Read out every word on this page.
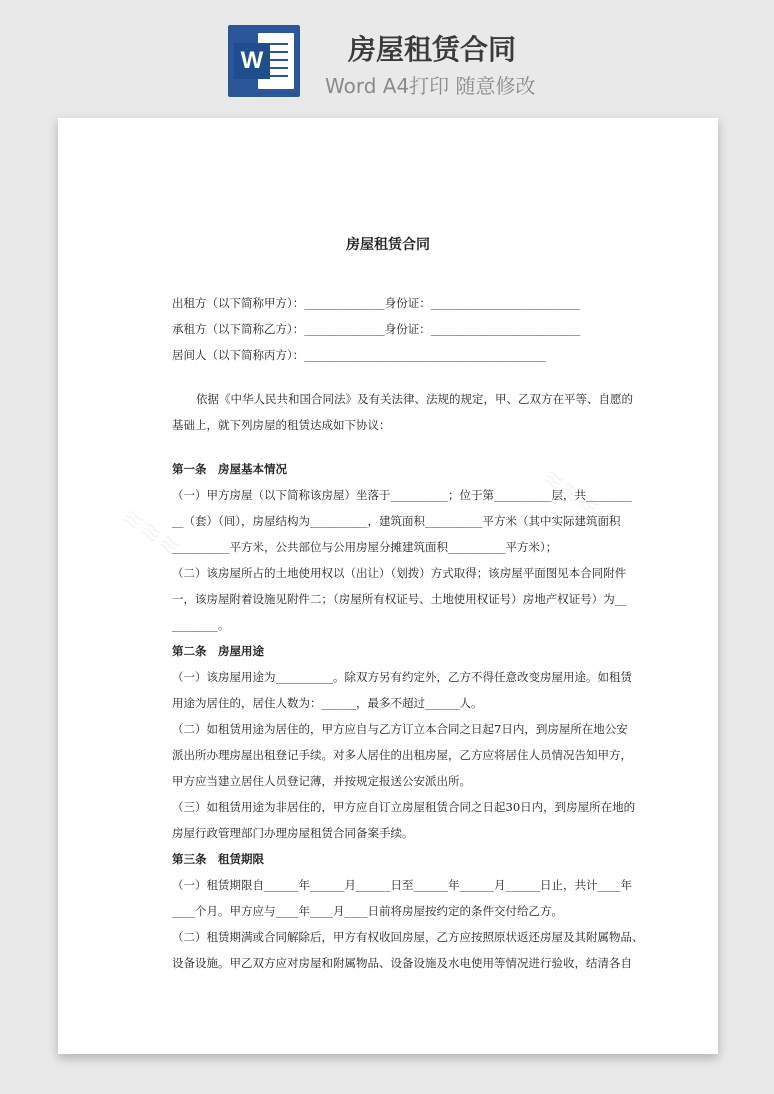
W	房屋租赁合同
Word A4打印 随意修改
房屋租赁合同
出租方（以下简称甲方）：______________身份证：__________________________
承租方（以下简称乙方）：______________身份证：__________________________
居间人（以下简称丙方）：__________________________________________
依据《中华人民共和国合同法》及有关法律、法规的规定，甲、乙双方在平等、自愿的
基础上，就下列房屋的租赁达成如下协议：
第一条　房屋基本情况
（一）甲方房屋（以下简称该房屋）坐落于__________；位于第__________层，共________
__（套）（间），房屋结构为__________，建筑面积__________平方米（其中实际建筑面积
__________平方米，公共部位与公用房屋分摊建筑面积__________平方米）；
（二）该房屋所占的土地使用权以（出让）（划拨）方式取得；该房屋平面图见本合同附件
一，该房屋附着设施见附件二；（房屋所有权证号、土地使用权证号）房地产权证号）为__
________。
第二条　房屋用途
（一）该房屋用途为__________。除双方另有约定外，乙方不得任意改变房屋用途。如租赁
用途为居住的，居住人数为：______，最多不超过______人。
（二）如租赁用途为居住的，甲方应自与乙方订立本合同之日起7日内，到房屋所在地公安
派出所办理房屋出租登记手续。对多人居住的出租房屋，乙方应将居住人员情况告知甲方，
甲方应当建立居住人员登记薄，并按规定报送公安派出所。
（三）如租赁用途为非居住的，甲方应自订立房屋租赁合同之日起30日内，到房屋所在地的
房屋行政管理部门办理房屋租赁合同备案手续。
第三条　租赁期限
（一）租赁期限自______年______月______日至______年______月______日止，共计____年
____个月。甲方应与____年____月____日前将房屋按约定的条件交付给乙方。
（二）租赁期满或合同解除后，甲方有权收回房屋，乙方应按照原状返还房屋及其附属物品、
设备设施。甲乙双方应对房屋和附属物品、设备设施及水电使用等情况进行验收，结清各自
